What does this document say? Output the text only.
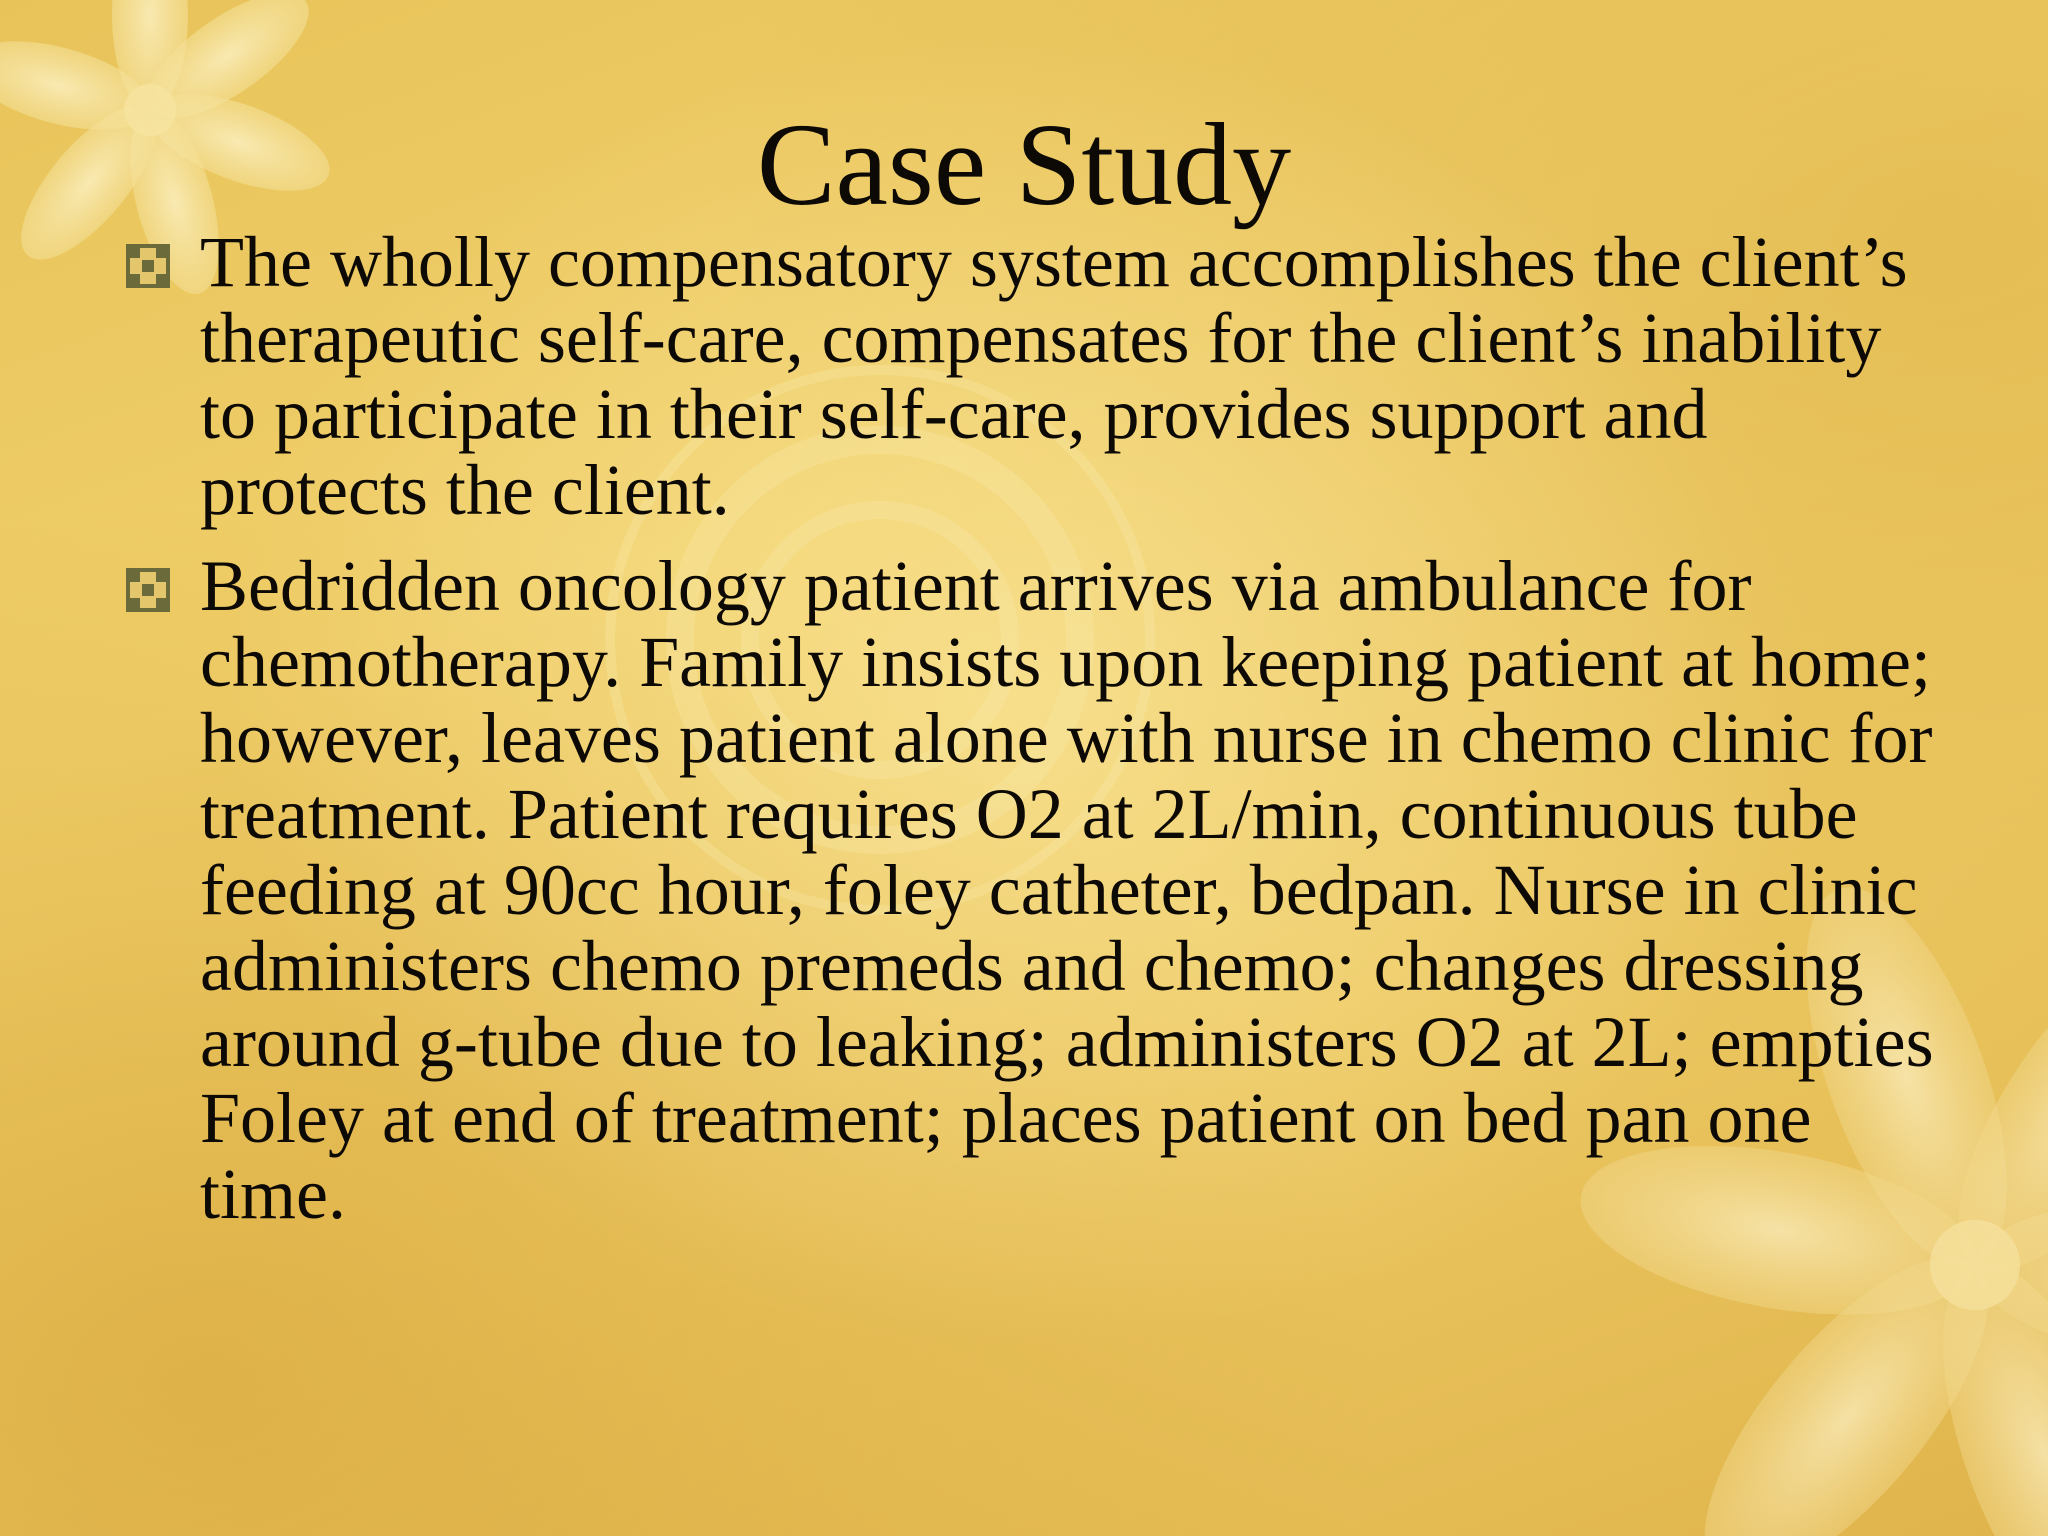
Case Study
The wholly compensatory system accomplishes the client’s therapeutic self-care, compensates for the client’s inability to participate in their self-care, provides support and protects the client.
Bedridden oncology patient arrives via ambulance for chemotherapy. Family insists upon keeping patient at home; however, leaves patient alone with nurse in chemo clinic for treatment. Patient requires O2 at 2L/min, continuous tube feeding at 90cc hour, foley catheter, bedpan. Nurse in clinic administers chemo premeds and chemo; changes dressing around g-tube due to leaking; administers O2 at 2L; empties Foley at end of treatment; places patient on bed pan one time.
